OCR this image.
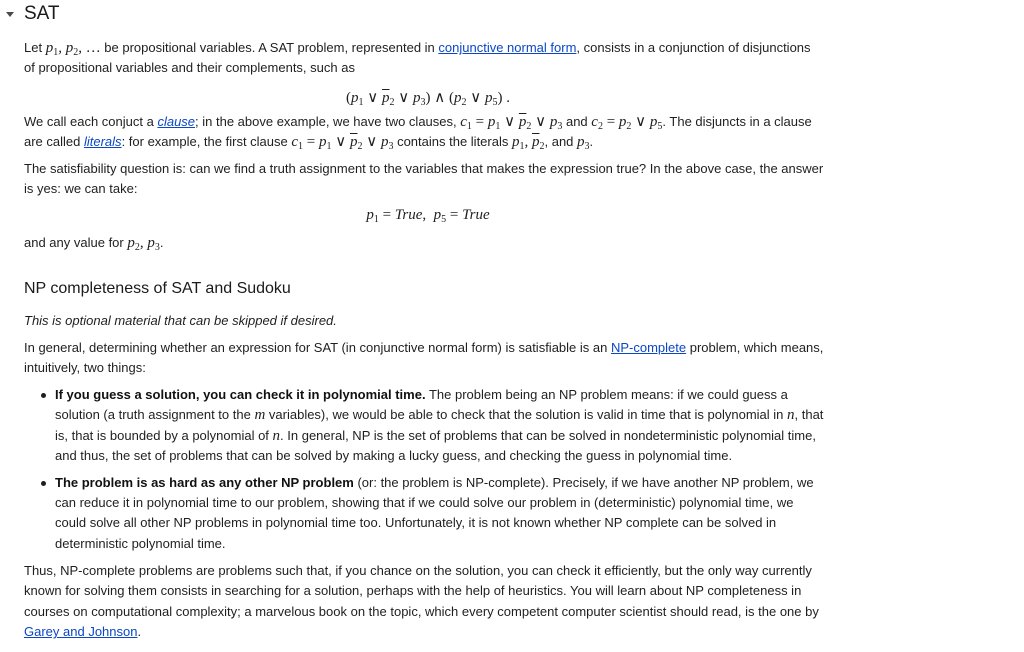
SAT

Let $p_1$, $p_2$, … be propositional variables. A SAT problem, represented in conjunctive normal form, consists in a conjunction of disjunctions of propositional variables and their complements, such as

($p_1$ ∨ $\overline{p}_2$ ∨ $p_3$) ∧ ($p_2$ ∨ $p_5$) .

We call each conjuct a clause; in the above example, we have two clauses, $c_1 = p_1$ ∨ $\overline{p}_2$ ∨ $p_3$ and $c_2 = p_2$ ∨ $p_5$. The disjuncts in a clause are called literals: for example, the first clause $c_1 = p_1$ ∨ $\overline{p}_2$ ∨ $p_3$ contains the literals $p_1$, $\overline{p}_2$, and $p_3$.

The satisfiability question is: can we find a truth assignment to the variables that makes the expression true? In the above case, the answer is yes: we can take:

$p_1$ = True,  $p_5$ = True

and any value for $p_2$, $p_3$.

NP completeness of SAT and Sudoku

This is optional material that can be skipped if desired.

In general, determining whether an expression for SAT (in conjunctive normal form) is satisfiable is an NP-complete problem, which means, intuitively, two things:

If you guess a solution, you can check it in polynomial time. The problem being an NP problem means: if we could guess a solution (a truth assignment to the m variables), we would be able to check that the solution is valid in time that is polynomial in n, that is, that is bounded by a polynomial of n. In general, NP is the set of problems that can be solved in nondeterministic polynomial time, and thus, the set of problems that can be solved by making a lucky guess, and checking the guess in polynomial time.
The problem is as hard as any other NP problem (or: the problem is NP-complete). Precisely, if we have another NP problem, we can reduce it in polynomial time to our problem, showing that if we could solve our problem in (deterministic) polynomial time, we could solve all other NP problems in polynomial time too. Unfortunately, it is not known whether NP complete can be solved in deterministic polynomial time.

Thus, NP-complete problems are problems such that, if you chance on the solution, you can check it efficiently, but the only way currently known for solving them consists in searching for a solution, perhaps with the help of heuristics. You will learn about NP completeness in courses on computational complexity; a marvelous book on the topic, which every competent computer scientist should read, is the one by Garey and Johnson.
